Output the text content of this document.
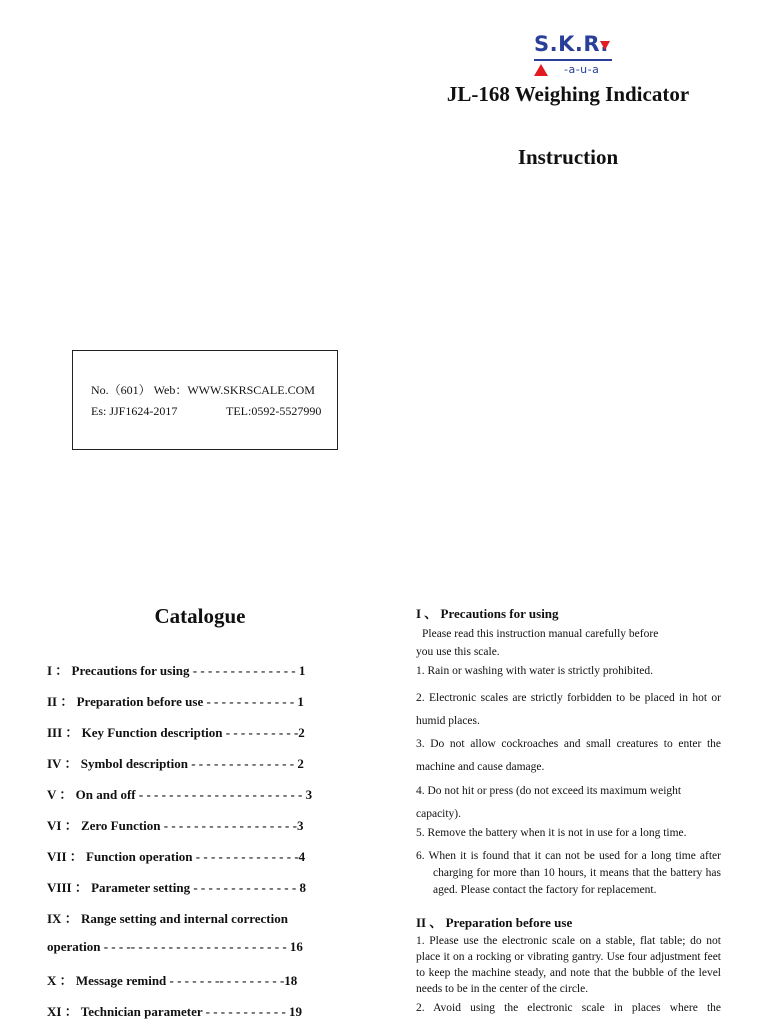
S.K.R.
-a-u-a
JL-168 Weighing Indicator
Instruction
No.（601） Web：WWW.SKRSCALE.COM
Es: JJF1624-2017	TEL:0592-5527990
Catalogue
I ： Precautions for using - - - - - - - - - - - - - - 1
II ： Preparation before use - - - - - - - - - - - - 1
III ： Key Function description - - - - - - - - - -2
IV ： Symbol description - - - - - - - - - - - - - - 2
V ： On and off - - - - - - - - - - - - - - - - - - - - - - 3
VI ： Zero Function - - - - - - - - - - - - - - - - - -3
VII ： Function operation - - - - - - - - - - - - - -4
VIII ： Parameter setting - - - - - - - - - - - - - - 8
IX ： Range setting and internal correction
operation - - - -- - - - - - - - - - - - - - - - - - - - - 16
X ： Message remind - - - - - - -- - - - - - - - -18
XI ： Technician parameter - - - - - - - - - - - 19
I 、 Precautions for using
Please read this instruction manual carefully before
you use this scale.
1. Rain or washing with water is strictly prohibited.
2. Electronic scales are strictly forbidden to be placed in hot or humid places.
3. Do not allow cockroaches and small creatures to enter the machine and cause damage.
4. Do not hit or press (do not exceed its maximum weight capacity).
5. Remove the battery when it is not in use for a long time.
6. When it is found that it can not be used for a long time after charging for more than 10 hours, it means that the battery has aged. Please contact the factory for replacement.
II 、 Preparation before use
1. Please use the electronic scale on a stable, flat table; do not place it on a rocking or vibrating gantry. Use four adjustment feet to keep the machine steady, and note that the bubble of the level needs to be in the center of the circle.
2. Avoid using the electronic scale in places where the
